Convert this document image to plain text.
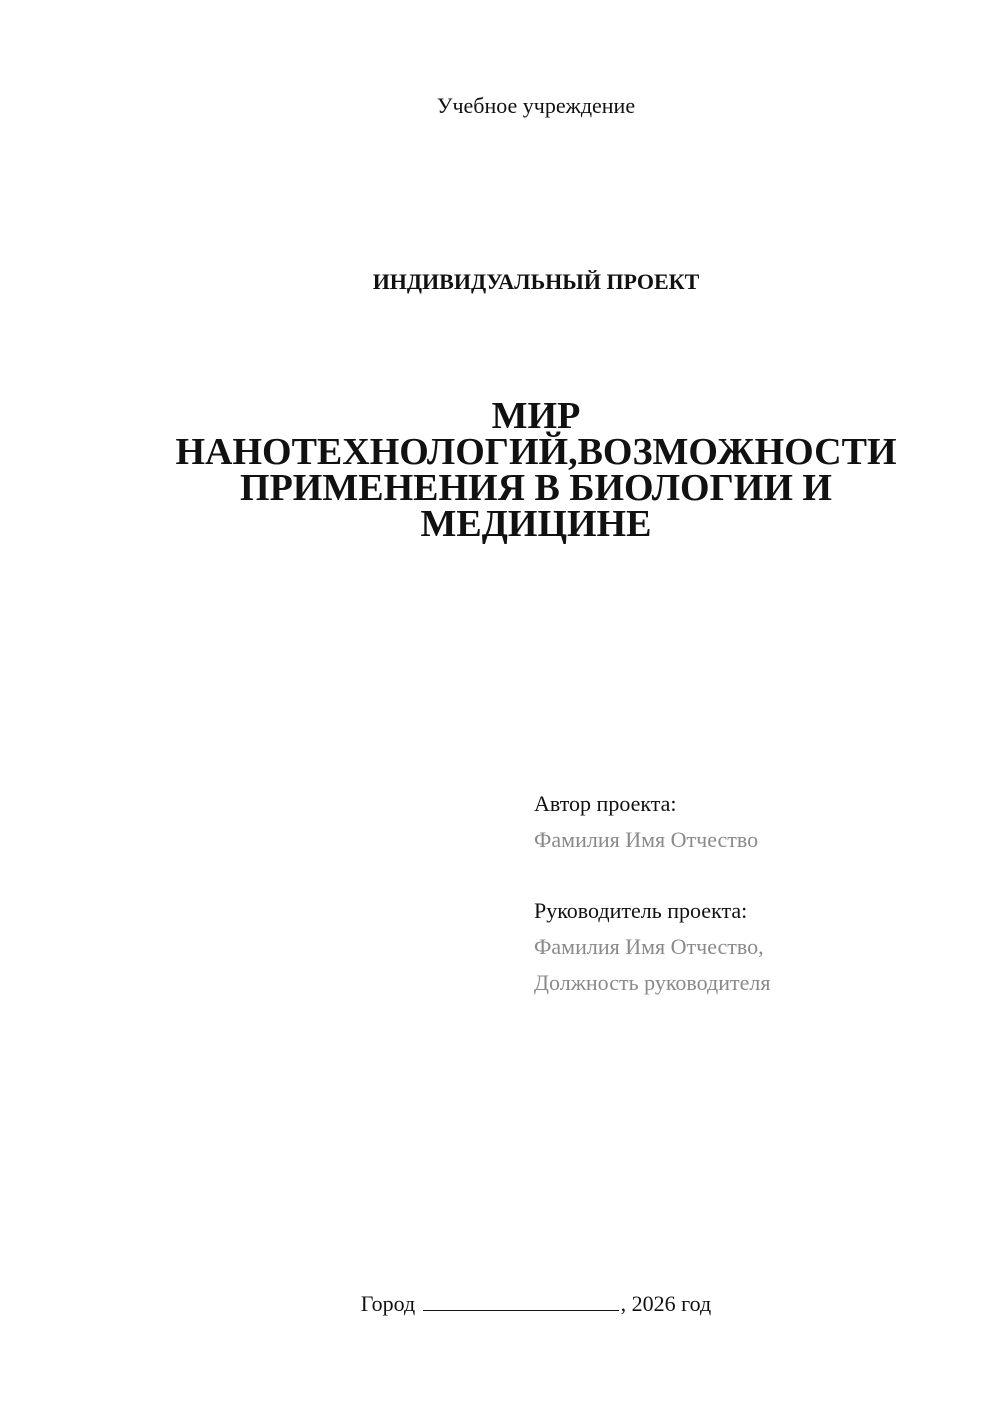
Учебное учреждение
ИНДИВИДУАЛЬНЫЙ ПРОЕКТ
МИР
НАНОТЕХНОЛОГИЙ,ВОЗМОЖНОСТИ
ПРИМЕНЕНИЯ В БИОЛОГИИ И
МЕДИЦИНЕ
Автор проекта:
Фамилия Имя Отчество
Руководитель проекта:
Фамилия Имя Отчество,
Должность руководителя
Город	, 2026 год
